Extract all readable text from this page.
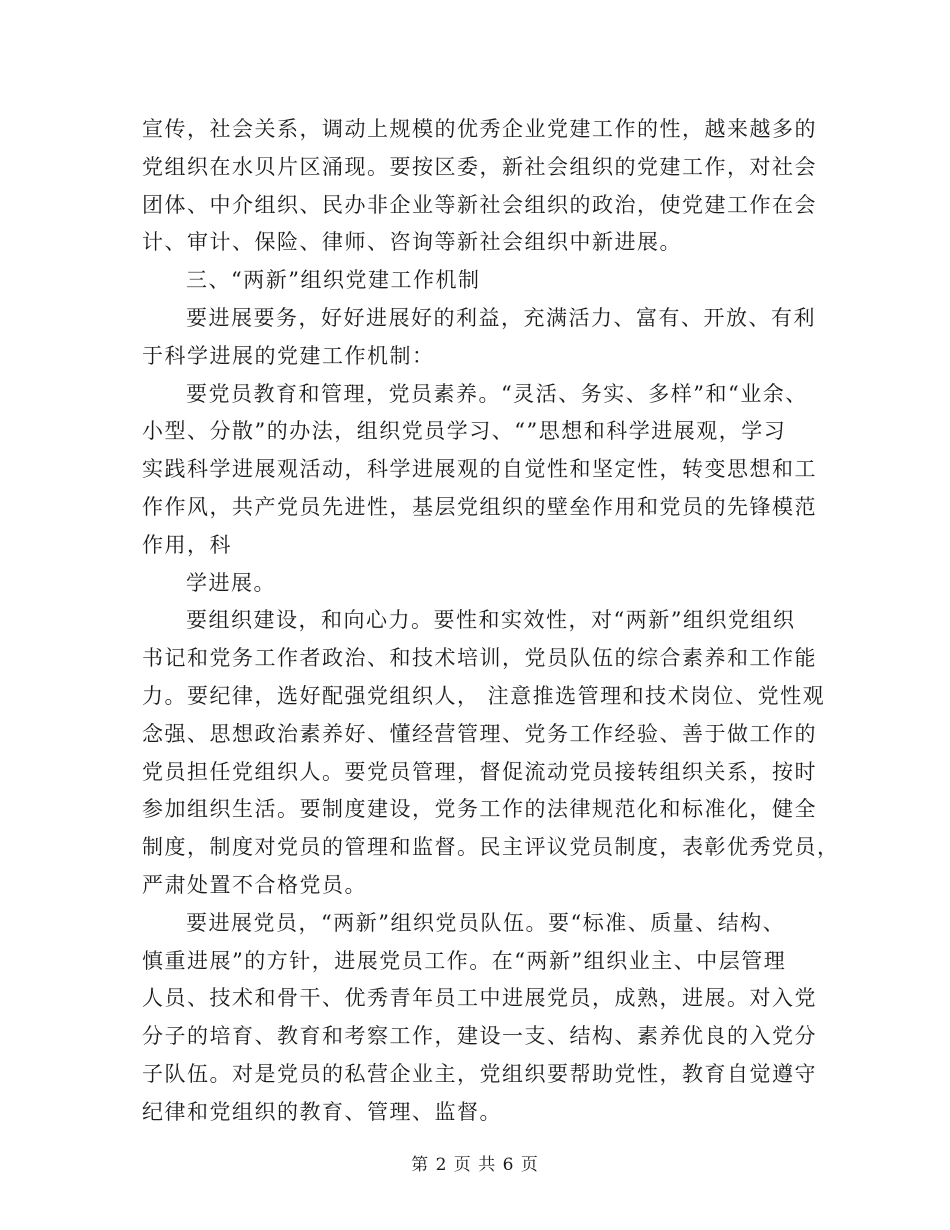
宣传，社会关系，调动上规模的优秀企业党建工作的性，越来越多的
党组织在水贝片区涌现。要按区委，新社会组织的党建工作，对社会
团体、中介组织、民办非企业等新社会组织的政治，使党建工作在会
计、审计、保险、律师、咨询等新社会组织中新进展。
三、“两新”组织党建工作机制
要进展要务，好好进展好的利益，充满活力、富有、开放、有利
于科学进展的党建工作机制：
要党员教育和管理，党员素养。“灵活、务实、多样”和“业余、
小型、分散”的办法，组织党员学习、“”思想和科学进展观，学习
实践科学进展观活动，科学进展观的自觉性和坚定性，转变思想和工
作作风，共产党员先进性，基层党组织的壁垒作用和党员的先锋模范
作用，科
学进展。
要组织建设，和向心力。要性和实效性，对“两新”组织党组织
书记和党务工作者政治、和技术培训，党员队伍的综合素养和工作能
力。要纪律，选好配强党组织人， 注意推选管理和技术岗位、党性观
念强、思想政治素养好、懂经营管理、党务工作经验、善于做工作的
党员担任党组织人。要党员管理，督促流动党员接转组织关系，按时
参加组织生活。要制度建设，党务工作的法律规范化和标准化，健全
制度，制度对党员的管理和监督。民主评议党员制度，表彰优秀党员，
严肃处置不合格党员。
要进展党员，“两新”组织党员队伍。要“标准、质量、结构、
慎重进展”的方针，进展党员工作。在“两新”组织业主、中层管理
人员、技术和骨干、优秀青年员工中进展党员，成熟，进展。对入党
分子的培育、教育和考察工作，建设一支、结构、素养优良的入党分
子队伍。对是党员的私营企业主，党组织要帮助党性，教育自觉遵守
纪律和党组织的教育、管理、监督。
第 2 页 共 6 页
